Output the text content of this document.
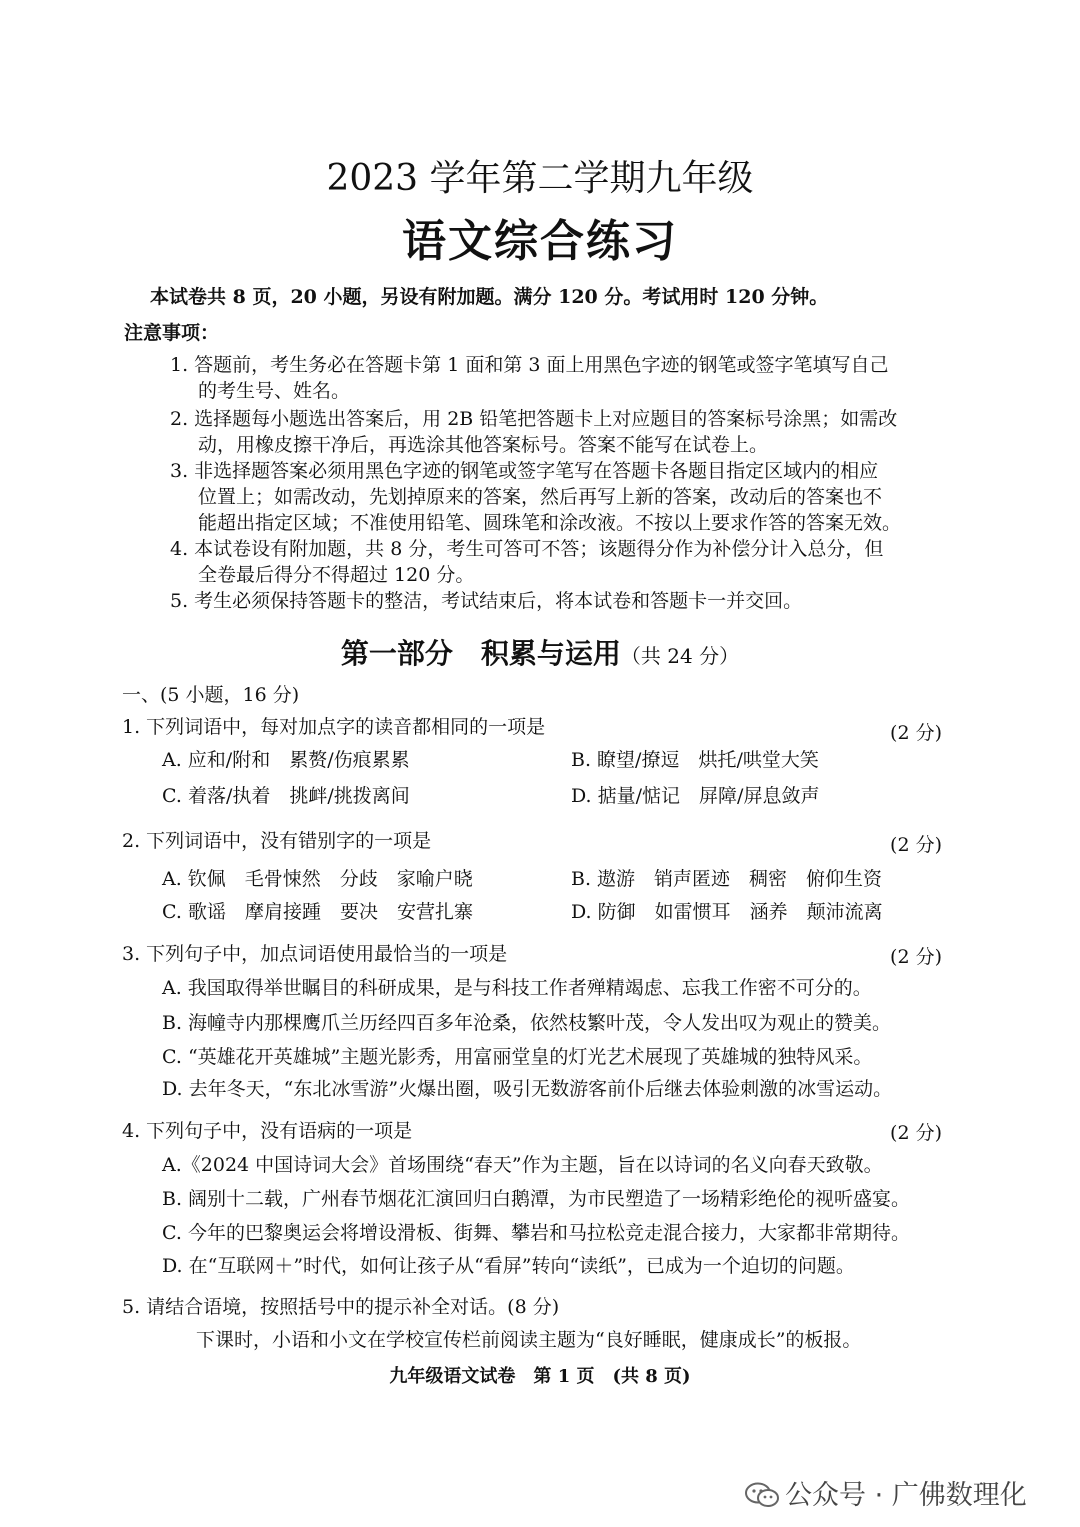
2023 学年第二学期九年级
语文综合练习
本试卷共 8 页，20 小题，另设有附加题。满分 120 分。考试用时 120 分钟。
注意事项：
1. 答题前，考生务必在答题卡第 1 面和第 3 面上用黑色字迹的钢笔或签字笔填写自己
的考生号、姓名。
2. 选择题每小题选出答案后，用 2B 铅笔把答题卡上对应题目的答案标号涂黑；如需改
动，用橡皮擦干净后，再选涂其他答案标号。答案不能写在试卷上。
3. 非选择题答案必须用黑色字迹的钢笔或签字笔写在答题卡各题目指定区域内的相应
位置上；如需改动，先划掉原来的答案，然后再写上新的答案，改动后的答案也不
能超出指定区域；不准使用铅笔、圆珠笔和涂改液。不按以上要求作答的答案无效。
4. 本试卷设有附加题，共 8 分，考生可答可不答；该题得分作为补偿分计入总分，但
全卷最后得分不得超过 120 分。
5. 考生必须保持答题卡的整洁，考试结束后，将本试卷和答题卡一并交回。
第一部分　积累与运用（共 24 分）
一、(5 小题，16 分)
1. 下列词语中，每对加点字的读音都相同的一项是	(2 分)
A. 应和/附和　累赘/伤痕累累	B. 瞭望/撩逗　烘托/哄堂大笑
C. 着落/执着　挑衅/挑拨离间	D. 掂量/惦记　屏障/屏息敛声
2. 下列词语中，没有错别字的一项是	(2 分)
A. 钦佩　毛骨悚然　分歧　家喻户晓	B. 遨游　销声匿迹　稠密　俯仰生资
C. 歌谣　摩肩接踵　要决　安营扎寨	D. 防御　如雷惯耳　涵养　颠沛流离
3. 下列句子中，加点词语使用最恰当的一项是	(2 分)
A. 我国取得举世瞩目的科研成果，是与科技工作者殚精竭虑、忘我工作密不可分的。
B. 海幢寺内那棵鹰爪兰历经四百多年沧桑，依然枝繁叶茂，令人发出叹为观止的赞美。
C. “英雄花开英雄城”主题光影秀，用富丽堂皇的灯光艺术展现了英雄城的独特风采。
D. 去年冬天，“东北冰雪游”火爆出圈，吸引无数游客前仆后继去体验刺激的冰雪运动。
4. 下列句子中，没有语病的一项是	(2 分)
A.《2024 中国诗词大会》首场围绕“春天”作为主题，旨在以诗词的名义向春天致敬。
B. 阔别十二载，广州春节烟花汇演回归白鹅潭，为市民塑造了一场精彩绝伦的视听盛宴。
C. 今年的巴黎奥运会将增设滑板、街舞、攀岩和马拉松竞走混合接力，大家都非常期待。
D. 在“互联网＋”时代，如何让孩子从“看屏”转向“读纸”，已成为一个迫切的问题。
5. 请结合语境，按照括号中的提示补全对话。(8 分)
下课时，小语和小文在学校宣传栏前阅读主题为“良好睡眠，健康成长”的板报。
九年级语文试卷　第 1 页　(共 8 页)
公众号 · 广佛数理化
